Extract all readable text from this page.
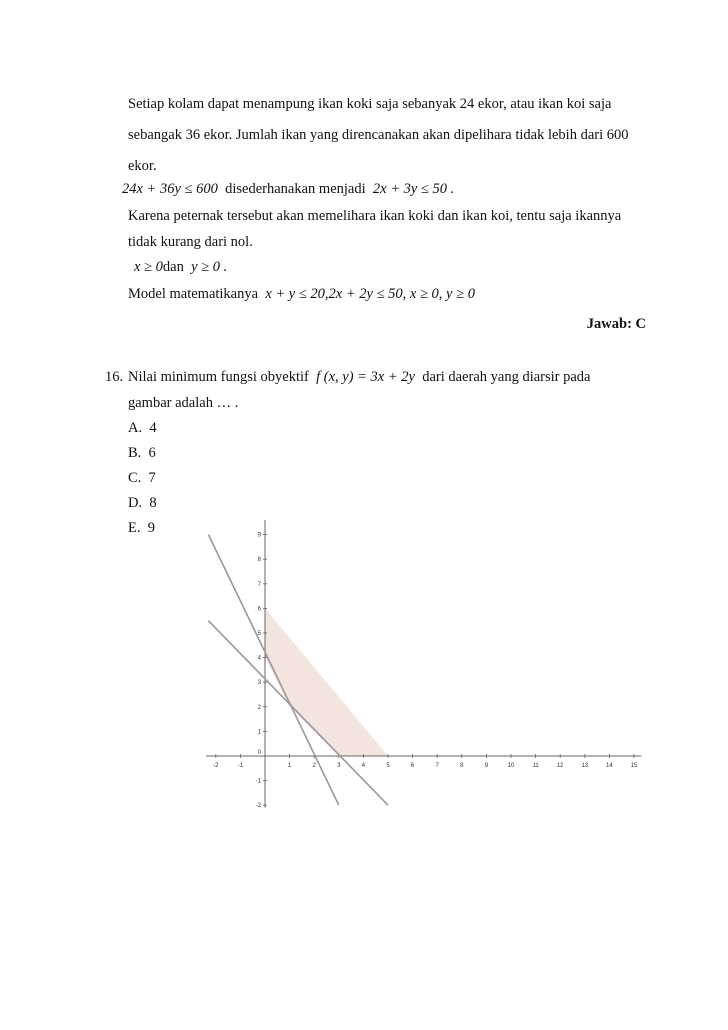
Setiap kolam dapat menampung ikan koki saja sebanyak 24 ekor, atau ikan koi saja
sebangak 36 ekor. Jumlah ikan yang direncanakan akan dipelihara tidak lebih dari 600
ekor.
24x + 36y ≤ 600 disederhanakan menjadi 2x + 3y ≤ 50 .
Karena peternak tersebut akan memelihara ikan koki dan ikan koi, tentu saja ikannya
tidak kurang dari nol.
x ≥ 0dan y ≥ 0 .
Model matematikanya x + y ≤ 20,2x + 2y ≤ 50, x ≥ 0, y ≥ 0
Jawab: C
16. Nilai minimum fungsi obyektif f (x, y) = 3x + 2y dari daerah yang diarsir pada
gambar adalah … .
A. 4
B. 6
C. 7
D. 8
E. 9
-2	-1	1	2	3	4	5	6	7	8	9	10	11	12	13	14	15
-2
-1
1
2
3
4
5
6
7
8
9
0
